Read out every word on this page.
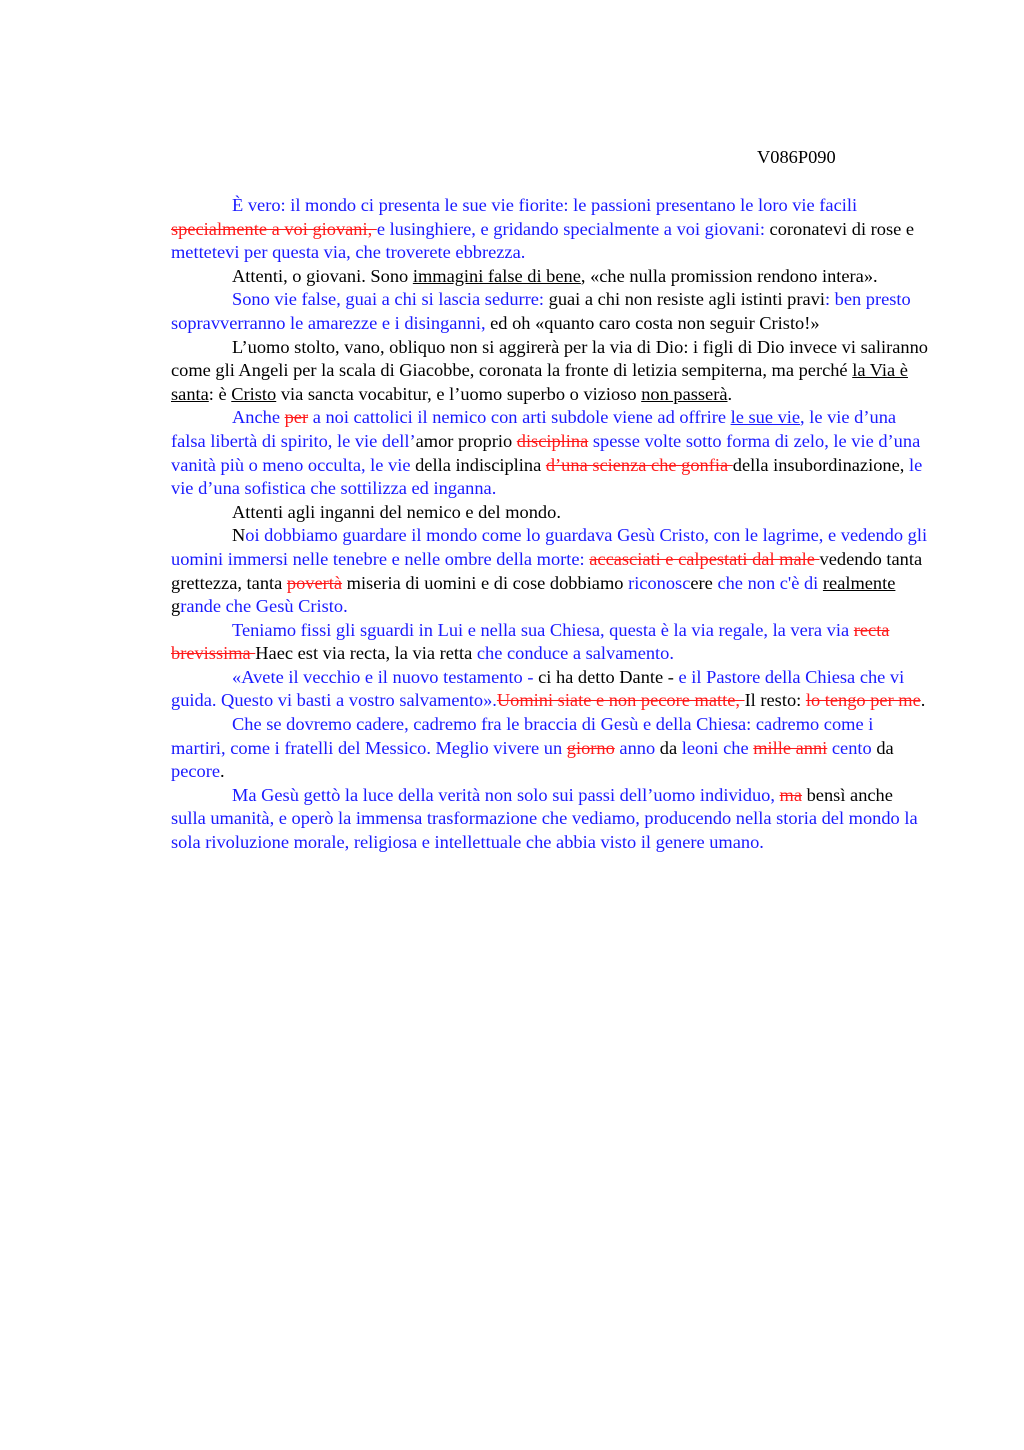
V086P090

È vero: il mondo ci presenta le sue vie fiorite: le passioni presentano le loro vie facili specialmente a voi giovani, e lusinghiere, e gridando specialmente a voi giovani: coronatevi di rose e mettetevi per questa via, che troverete ebbrezza.

Attenti, o giovani. Sono immagini false di bene, «che nulla promission rendono intera».

Sono vie false, guai a chi si lascia sedurre: guai a chi non resiste agli istinti pravi: ben presto sopravverranno le amarezze e i disinganni, ed oh «quanto caro costa non seguir Cristo!»

L’uomo stolto, vano, obliquo non si aggirerà per la via di Dio: i figli di Dio invece vi saliranno come gli Angeli per la scala di Giacobbe, coronata la fronte di letizia sempiterna, ma perché la Via è santa: è Cristo via sancta vocabitur, e l’uomo superbo o vizioso non passerà.

Anche per a noi cattolici il nemico con arti subdole viene ad offrire le sue vie, le vie d’una falsa libertà di spirito, le vie dell’amor proprio disciplina spesse volte sotto forma di zelo, le vie d’una vanità più o meno occulta, le vie della indisciplina d’una scienza che gonfia della insubordinazione, le vie d’una sofistica che sottilizza ed inganna.

Attenti agli inganni del nemico e del mondo.

Noi dobbiamo guardare il mondo come lo guardava Gesù Cristo, con le lagrime, e vedendo gli uomini immersi nelle tenebre e nelle ombre della morte: accasciati e calpestati dal male vedendo tanta grettezza, tanta povertà miseria di uomini e di cose dobbiamo riconoscere che non c'è di realmente grande che Gesù Cristo.

Teniamo fissi gli sguardi in Lui e nella sua Chiesa, questa è la via regale, la vera via recta brevissima Haec est via recta, la via retta che conduce a salvamento.

«Avete il vecchio e il nuovo testamento - ci ha detto Dante - e il Pastore della Chiesa che vi guida. Questo vi basti a vostro salvamento».Uomini siate e non pecore matte, Il resto: lo tengo per me.

Che se dovremo cadere, cadremo fra le braccia di Gesù e della Chiesa: cadremo come i martiri, come i fratelli del Messico. Meglio vivere un giorno anno da leoni che mille anni cento da pecore.

Ma Gesù gettò la luce della verità non solo sui passi dell’uomo individuo, ma bensì anche sulla umanità, e operò la immensa trasformazione che vediamo, producendo nella storia del mondo la sola rivoluzione morale, religiosa e intellettuale che abbia visto il genere umano.
